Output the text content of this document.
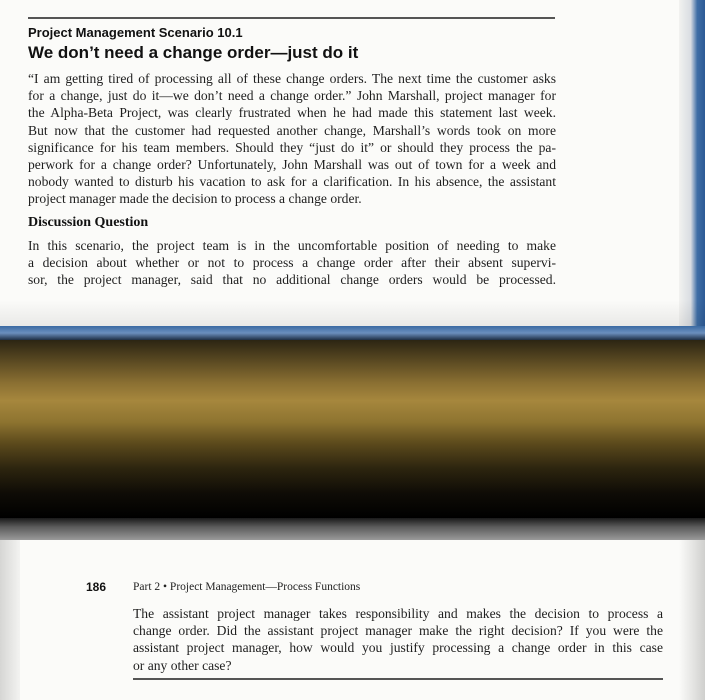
Project Management Scenario 10.1
We don’t need a change order—just do it
“I am getting tired of processing all of these change orders. The next time the customer asks
for a change, just do it—we don’t need a change order.” John Marshall, project manager for
the Alpha-Beta Project, was clearly frustrated when he had made this statement last week.
But now that the customer had requested another change, Marshall’s words took on more
significance for his team members. Should they “just do it” or should they process the pa-
perwork for a change order? Unfortunately, John Marshall was out of town for a week and
nobody wanted to disturb his vacation to ask for a clarification. In his absence, the assistant
project manager made the decision to process a change order.
Discussion Question
In this scenario, the project team is in the uncomfortable position of needing to make
a decision about whether or not to process a change order after their absent supervi-
sor, the project manager, said that no additional change orders would be processed.
186 Part 2 • Project Management—Process Functions
The assistant project manager takes responsibility and makes the decision to process a
change order. Did the assistant project manager make the right decision? If you were the
assistant project manager, how would you justify processing a change order in this case
or any other case?
